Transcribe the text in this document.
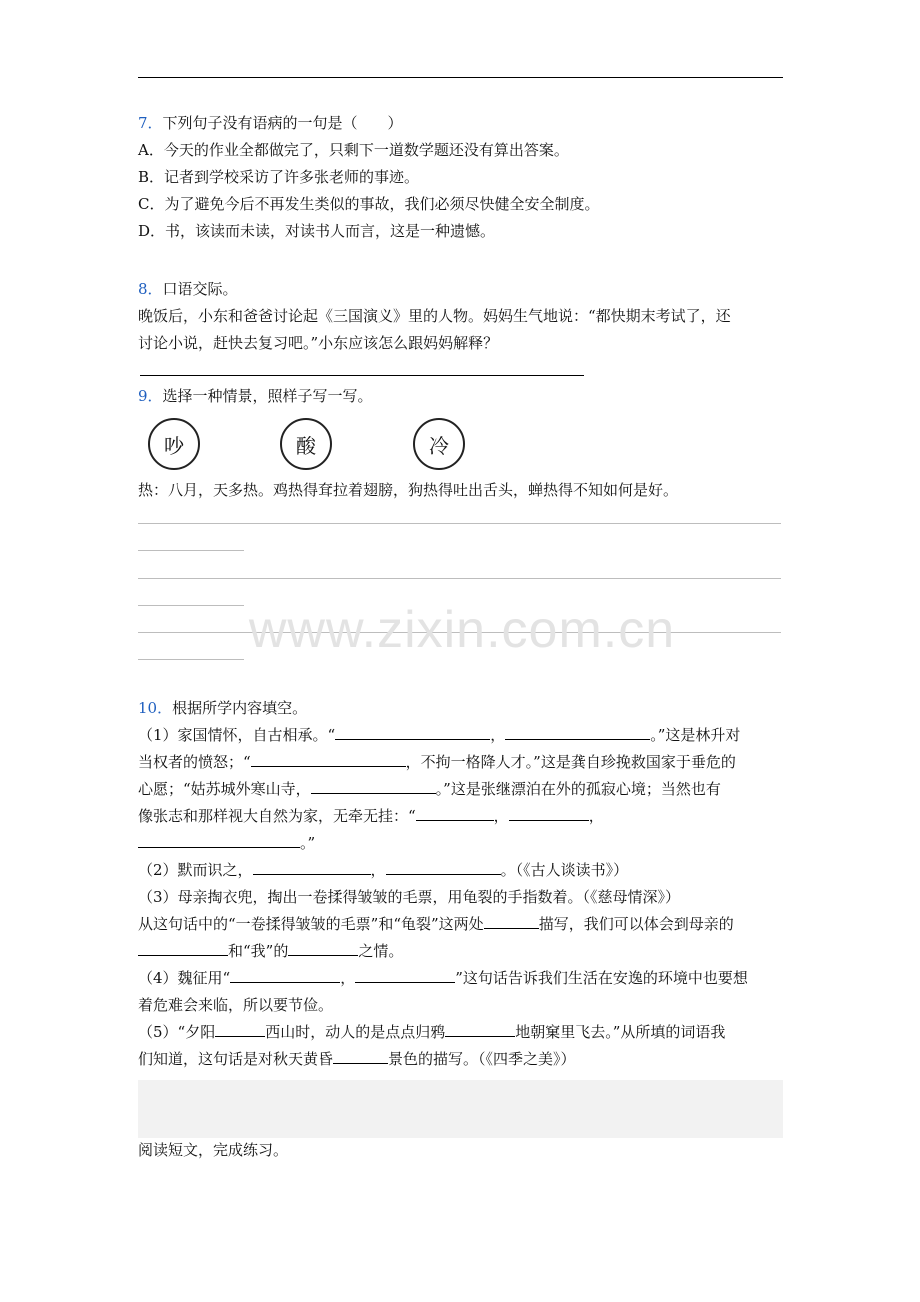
7．下列句子没有语病的一句是（　　）
A．今天的作业全都做完了，只剩下一道数学题还没有算出答案。
B．记者到学校采访了许多张老师的事迹。
C．为了避免今后不再发生类似的事故，我们必须尽快健全安全制度。
D．书，该读而未读，对读书人而言，这是一种遗憾。
8．口语交际。
晚饭后，小东和爸爸讨论起《三国演义》里的人物。妈妈生气地说：“都快期末考试了，还
讨论小说，赶快去复习吧。”小东应该怎么跟妈妈解释？
9．选择一种情景，照样子写一写。
吵	酸	冷
热：八月，天多热。鸡热得耷拉着翅膀，狗热得吐出舌头，蝉热得不知如何是好。
www.zixin.com.cn
10．根据所学内容填空。
（1）家国情怀，自古相承。“	，	。”这是林升对
当权者的愤怒；“	，不拘一格降人才。”这是龚自珍挽救国家于垂危的
心愿；“姑苏城外寒山寺，	。”这是张继漂泊在外的孤寂心境；当然也有
像张志和那样视大自然为家，无牵无挂：“	，	，
。”
（2）默而识之，	，	。（《古人谈读书》）
（3）母亲掏衣兜，掏出一卷揉得皱皱的毛票，用龟裂的手指数着。（《慈母情深》）
从这句话中的“一卷揉得皱皱的毛票”和“龟裂”这两处	描写，我们可以体会到母亲的
和“我”的	之情。
（4）魏征用“	，	”这句话告诉我们生活在安逸的环境中也要想
着危难会来临，所以要节俭。
（5）“夕阳	西山时，动人的是点点归鸦	地朝窠里飞去。”从所填的词语我
们知道，这句话是对秋天黄昏	景色的描写。（《四季之美》）
阅读短文，完成练习。
